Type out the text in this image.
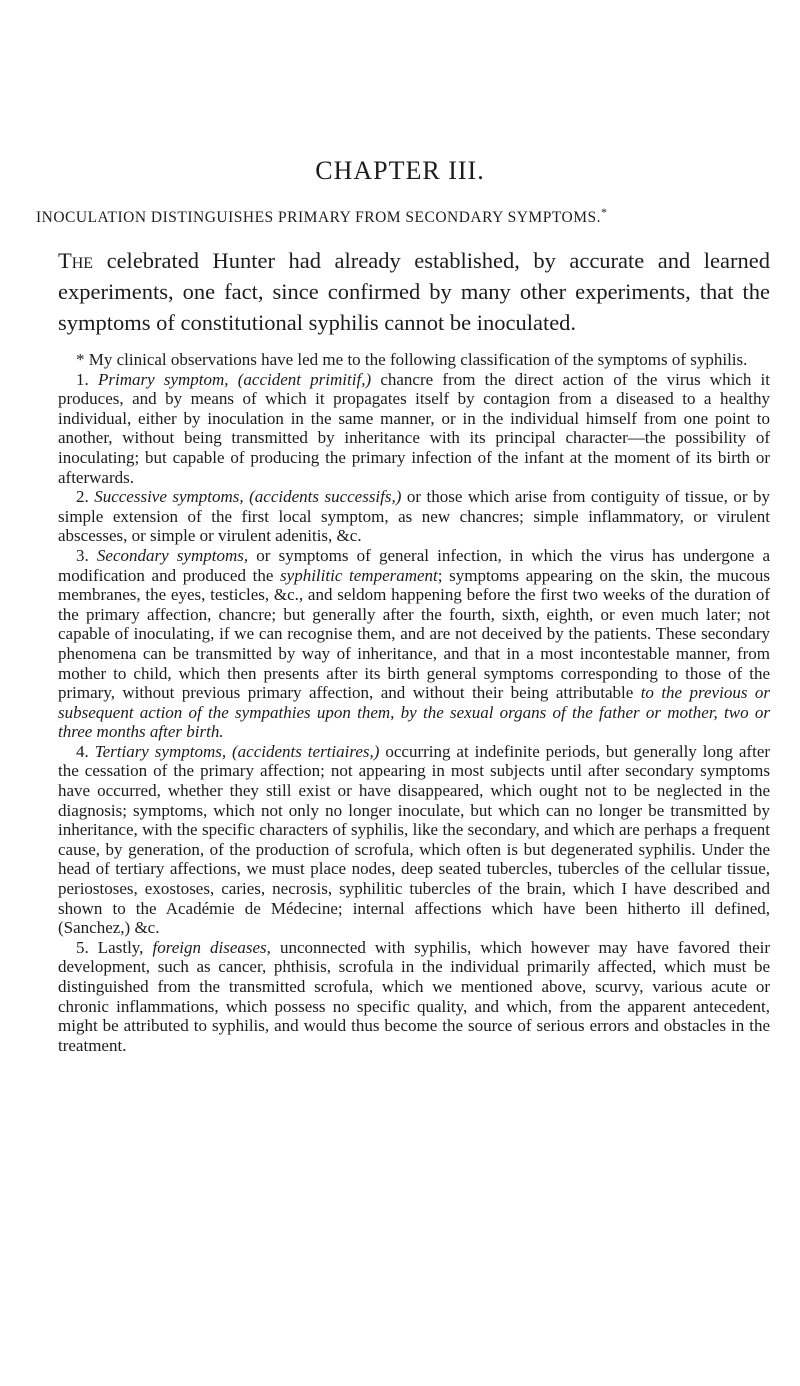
CHAPTER III.
INOCULATION DISTINGUISHES PRIMARY FROM SECONDARY SYMPTOMS.*
The celebrated Hunter had already established, by accurate and learned experiments, one fact, since confirmed by many other experiments, that the symptoms of constitutional syphilis cannot be inoculated.

* My clinical observations have led me to the following classification of the symptoms of syphilis.

1. Primary symptom, (accident primitif,) chancre from the direct action of the virus which it produces, and by means of which it propagates itself by contagion from a diseased to a healthy individual, either by inoculation in the same manner, or in the individual himself from one point to another, without being transmitted by inheritance with its principal character—the possibility of inoculating; but capable of producing the primary infection of the infant at the moment of its birth or afterwards.

2. Successive symptoms, (accidents successifs,) or those which arise from contiguity of tissue, or by simple extension of the first local symptom, as new chancres; simple inflammatory, or virulent abscesses, or simple or virulent adenitis, &c.

3. Secondary symptoms, or symptoms of general infection, in which the virus has undergone a modification and produced the syphilitic temperament; symptoms appearing on the skin, the mucous membranes, the eyes, testicles, &c., and seldom happening before the first two weeks of the duration of the primary affection, chancre; but generally after the fourth, sixth, eighth, or even much later; not capable of inoculating, if we can recognise them, and are not deceived by the patients. These secondary phenomena can be transmitted by way of inheritance, and that in a most incontestable manner, from mother to child, which then presents after its birth general symptoms corresponding to those of the primary, without previous primary affection, and without their being attributable to the previous or subsequent action of the sympathies upon them, by the sexual organs of the father or mother, two or three months after birth.

4. Tertiary symptoms, (accidents tertiaires,) occurring at indefinite periods, but generally long after the cessation of the primary affection; not appearing in most subjects until after secondary symptoms have occurred, whether they still exist or have disappeared, which ought not to be neglected in the diagnosis; symptoms, which not only no longer inoculate, but which can no longer be transmitted by inheritance, with the specific characters of syphilis, like the secondary, and which are perhaps a frequent cause, by generation, of the production of scrofula, which often is but degenerated syphilis. Under the head of tertiary affections, we must place nodes, deep seated tubercles, tubercles of the cellular tissue, periostoses, exostoses, caries, necrosis, syphilitic tubercles of the brain, which I have described and shown to the Académie de Médecine; internal affections which have been hitherto ill defined, (Sanchez,) &c.

5. Lastly, foreign diseases, unconnected with syphilis, which however may have favored their development, such as cancer, phthisis, scrofula in the individual primarily affected, which must be distinguished from the transmitted scrofula, which we mentioned above, scurvy, various acute or chronic inflammations, which possess no specific quality, and which, from the apparent antecedent, might be attributed to syphilis, and would thus become the source of serious errors and obstacles in the treatment.
